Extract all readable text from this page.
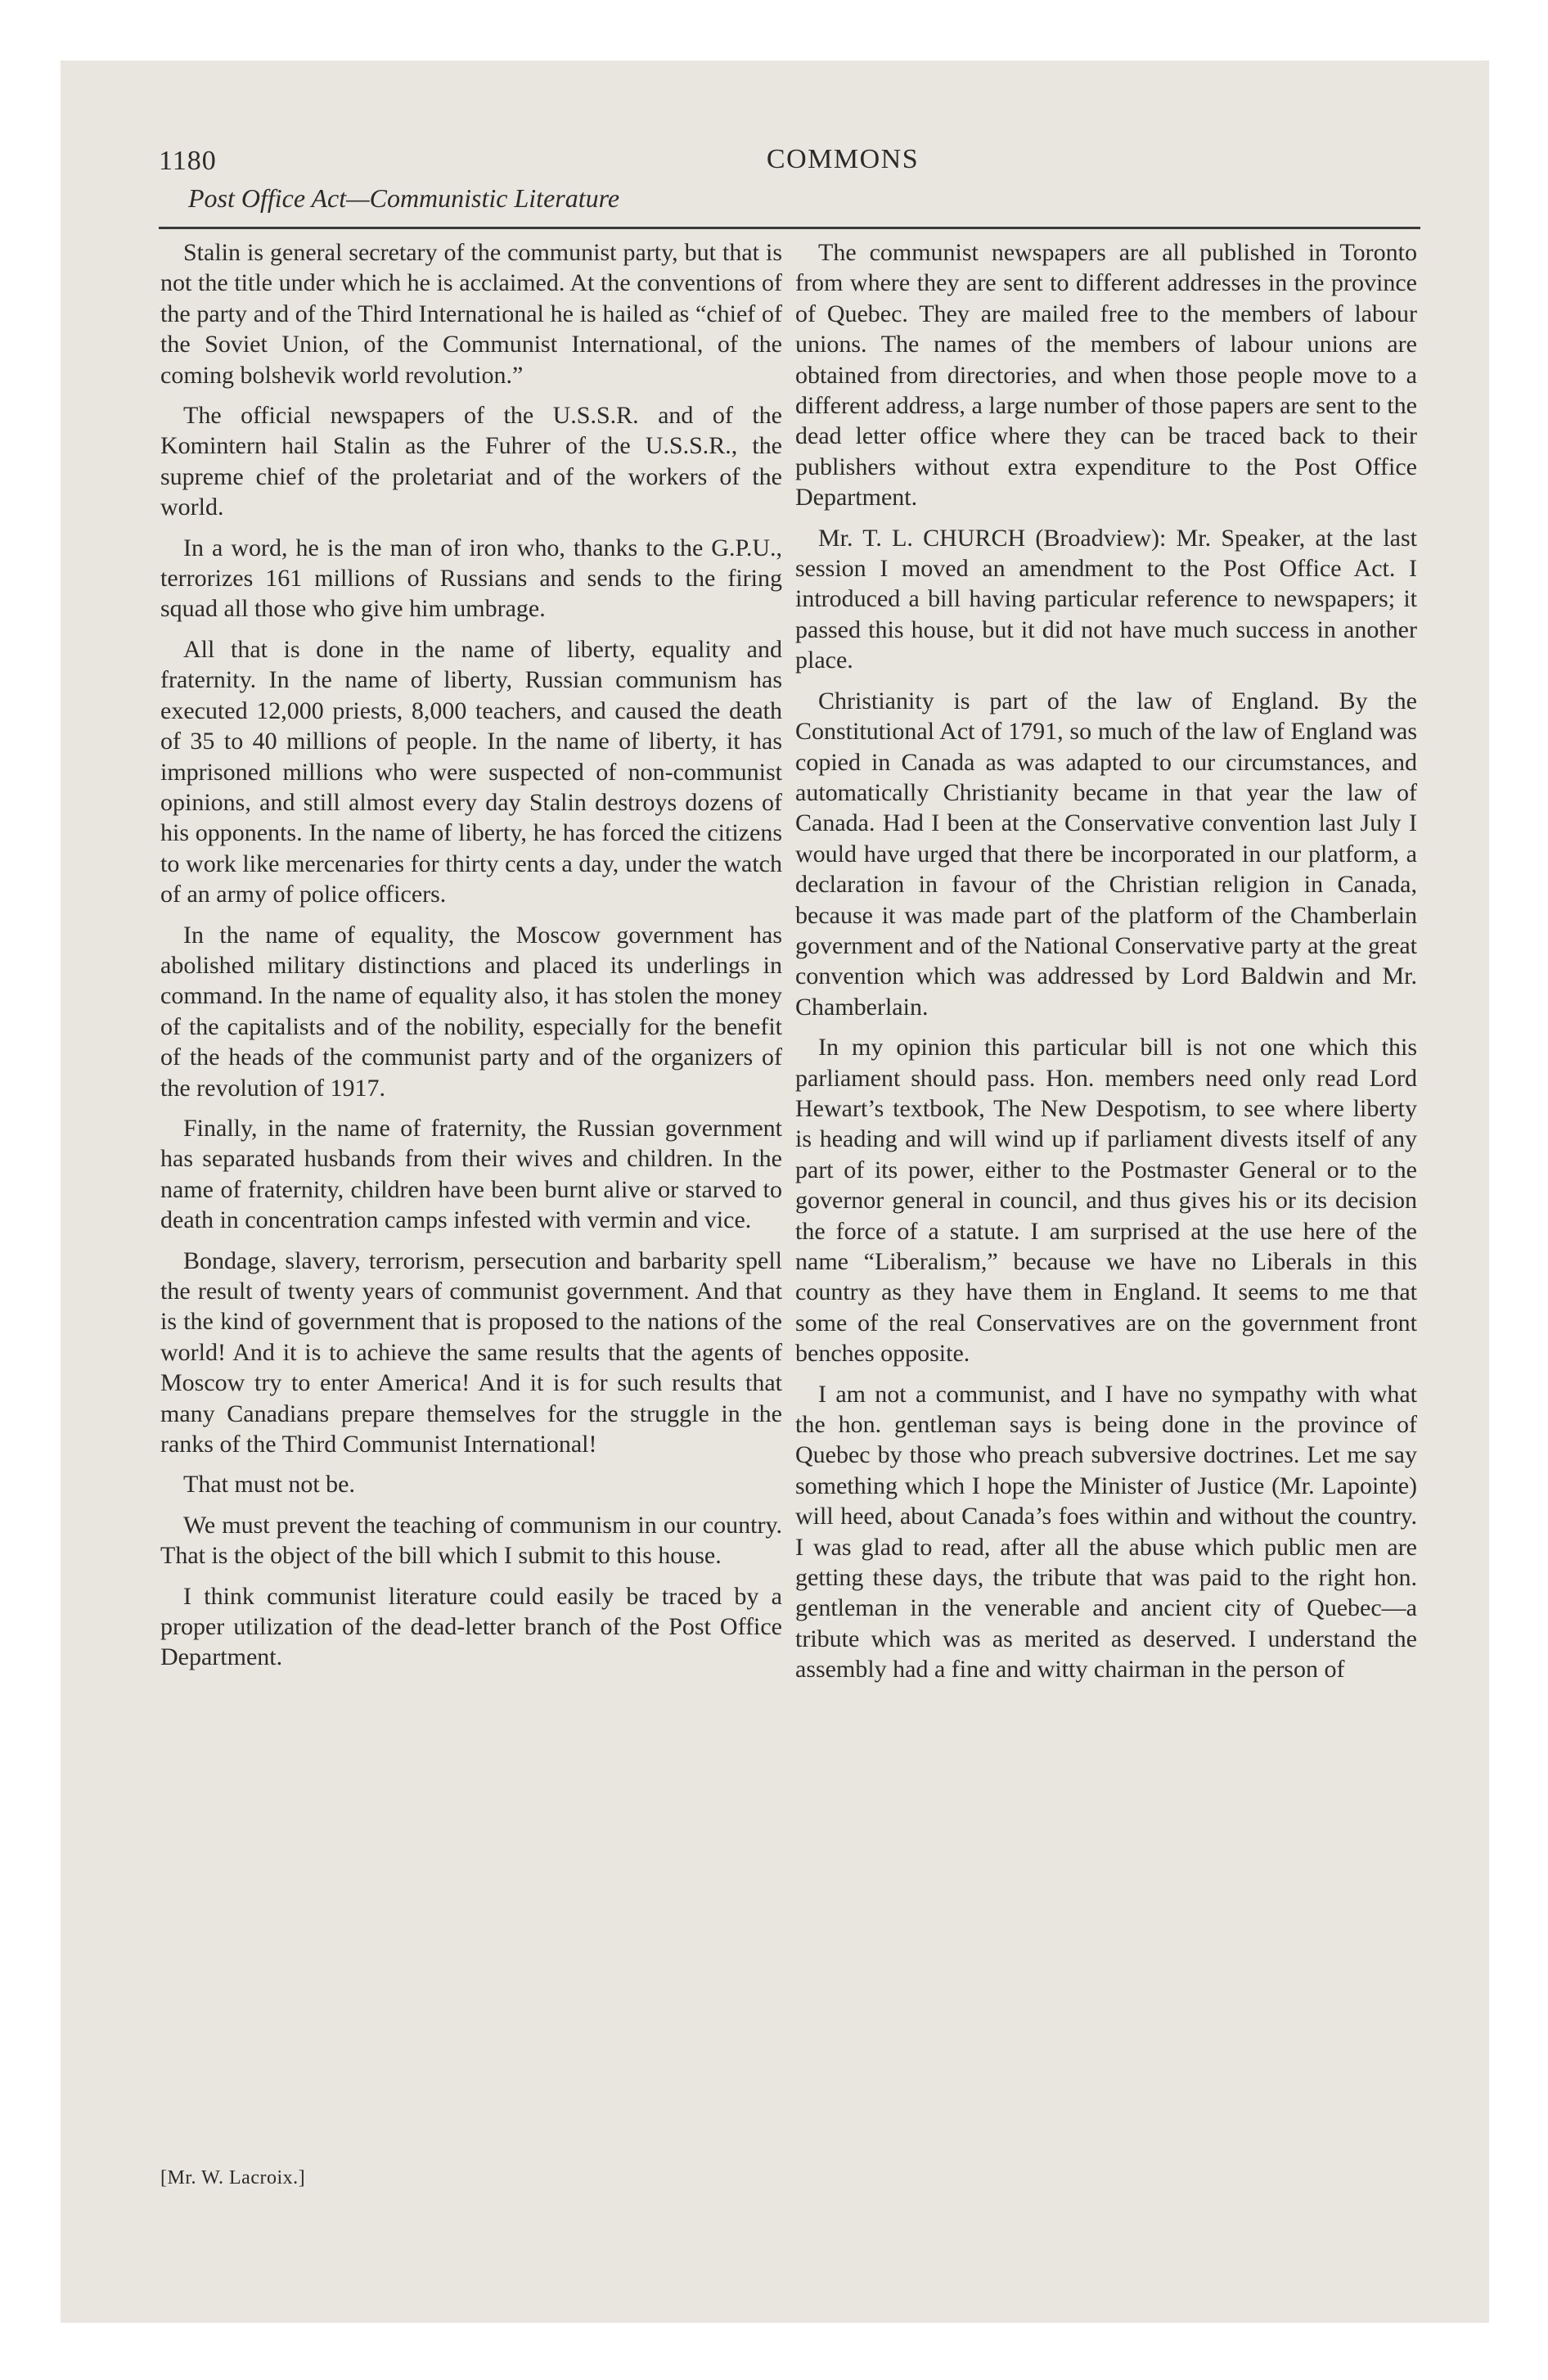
1180	COMMONS
Post Office Act—Communistic Literature

Stalin is general secretary of the communist party, but that is not the title under which he is acclaimed. At the conventions of the party and of the Third International he is hailed as “chief of the Soviet Union, of the Communist International, of the coming bolshevik world revolution.”

The official newspapers of the U.S.S.R. and of the Komintern hail Stalin as the Fuhrer of the U.S.S.R., the supreme chief of the proletariat and of the workers of the world.

In a word, he is the man of iron who, thanks to the G.P.U., terrorizes 161 millions of Russians and sends to the firing squad all those who give him umbrage.

All that is done in the name of liberty, equality and fraternity. In the name of liberty, Russian communism has executed 12,000 priests, 8,000 teachers, and caused the death of 35 to 40 millions of people. In the name of liberty, it has imprisoned millions who were suspected of non-communist opinions, and still almost every day Stalin destroys dozens of his opponents. In the name of liberty, he has forced the citizens to work like mercenaries for thirty cents a day, under the watch of an army of police officers.

In the name of equality, the Moscow government has abolished military distinctions and placed its underlings in command. In the name of equality also, it has stolen the money of the capitalists and of the nobility, especially for the benefit of the heads of the communist party and of the organizers of the revolution of 1917.

Finally, in the name of fraternity, the Russian government has separated husbands from their wives and children. In the name of fraternity, children have been burnt alive or starved to death in concentration camps infested with vermin and vice.

Bondage, slavery, terrorism, persecution and barbarity spell the result of twenty years of communist government. And that is the kind of government that is proposed to the nations of the world! And it is to achieve the same results that the agents of Moscow try to enter America! And it is for such results that many Canadians prepare themselves for the struggle in the ranks of the Third Communist International!

That must not be.

We must prevent the teaching of communism in our country. That is the object of the bill which I submit to this house.

I think communist literature could easily be traced by a proper utilization of the dead-letter branch of the Post Office Department.

[Mr. W. Lacroix.]

The communist newspapers are all published in Toronto from where they are sent to different addresses in the province of Quebec. They are mailed free to the members of labour unions. The names of the members of labour unions are obtained from directories, and when those people move to a different address, a large number of those papers are sent to the dead letter office where they can be traced back to their publishers without extra expenditure to the Post Office Department.

Mr. T. L. CHURCH (Broadview): Mr. Speaker, at the last session I moved an amendment to the Post Office Act. I introduced a bill having particular reference to newspapers; it passed this house, but it did not have much success in another place.

Christianity is part of the law of England. By the Constitutional Act of 1791, so much of the law of England was copied in Canada as was adapted to our circumstances, and automatically Christianity became in that year the law of Canada. Had I been at the Conservative convention last July I would have urged that there be incorporated in our platform, a declaration in favour of the Christian religion in Canada, because it was made part of the platform of the Chamberlain government and of the National Conservative party at the great convention which was addressed by Lord Baldwin and Mr. Chamberlain.

In my opinion this particular bill is not one which this parliament should pass. Hon. members need only read Lord Hewart’s textbook, The New Despotism, to see where liberty is heading and will wind up if parliament divests itself of any part of its power, either to the Postmaster General or to the governor general in council, and thus gives his or its decision the force of a statute. I am surprised at the use here of the name “Liberalism,” because we have no Liberals in this country as they have them in England. It seems to me that some of the real Conservatives are on the government front benches opposite.

I am not a communist, and I have no sympathy with what the hon. gentleman says is being done in the province of Quebec by those who preach subversive doctrines. Let me say something which I hope the Minister of Justice (Mr. Lapointe) will heed, about Canada’s foes within and without the country. I was glad to read, after all the abuse which public men are getting these days, the tribute that was paid to the right hon. gentleman in the venerable and ancient city of Quebec—a tribute which was as merited as deserved. I understand the assembly had a fine and witty chairman in the person of
